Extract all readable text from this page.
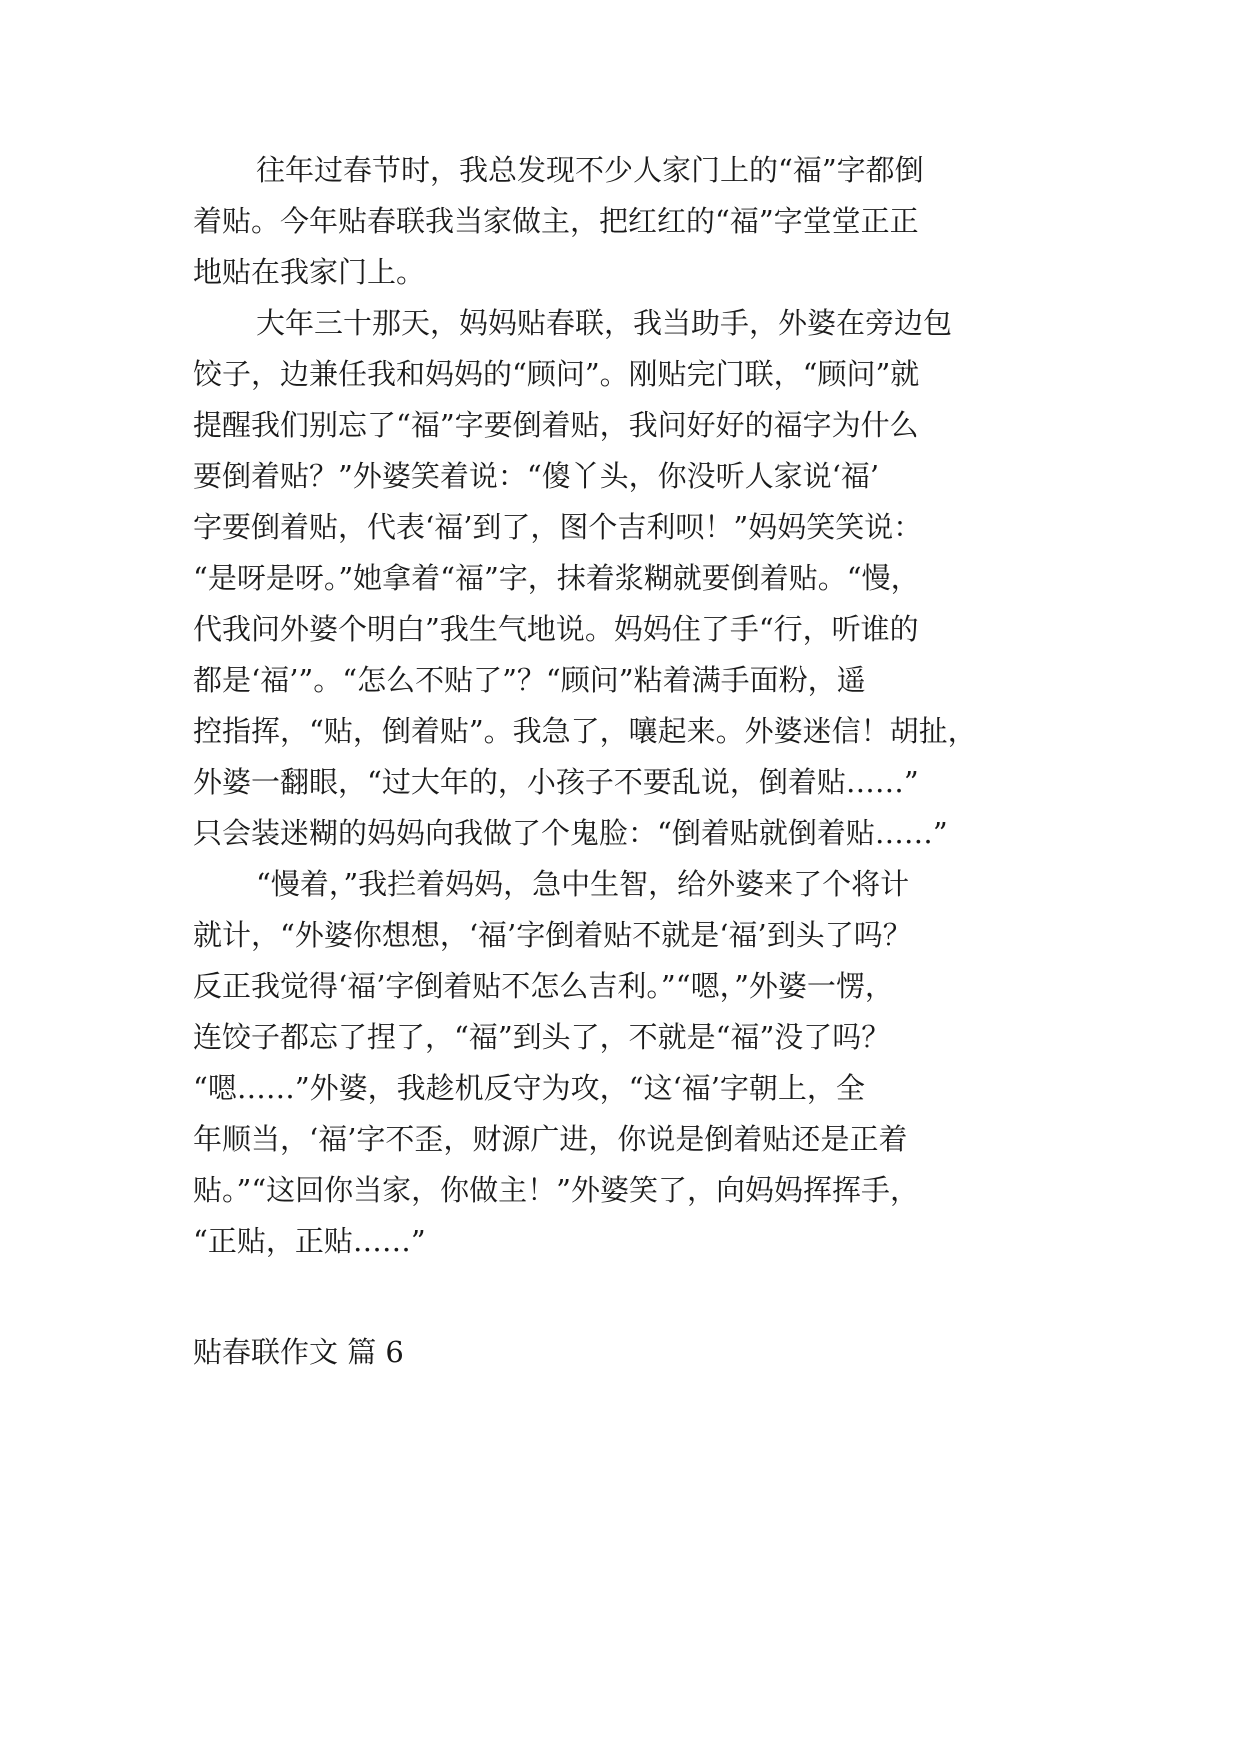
往年过春节时，我总发现不少人家门上的“福”字都倒
着贴。今年贴春联我当家做主，把红红的“福”字堂堂正正
地贴在我家门上。
大年三十那天，妈妈贴春联，我当助手，外婆在旁边包
饺子，边兼任我和妈妈的“顾问”。刚贴完门联，“顾问”就
提醒我们别忘了“福”字要倒着贴，我问好好的福字为什么
要倒着贴？”外婆笑着说：“傻丫头，你没听人家说‘福’
字要倒着贴，代表‘福’到了，图个吉利呗！”妈妈笑笑说：
“是呀是呀。”她拿着“福”字，抹着浆糊就要倒着贴。“慢，
代我问外婆个明白”我生气地说。妈妈住了手“行，听谁的
都是‘福’”。“怎么不贴了”？“顾问”粘着满手面粉，遥
控指挥，“贴，倒着贴”。我急了，嚷起来。外婆迷信！胡扯，
外婆一翻眼，“过大年的，小孩子不要乱说，倒着贴……”
只会装迷糊的妈妈向我做了个鬼脸：“倒着贴就倒着贴……”
“慢着，”我拦着妈妈，急中生智，给外婆来了个将计
就计，“外婆你想想，‘福’字倒着贴不就是‘福’到头了吗？
反正我觉得‘福’字倒着贴不怎么吉利。”“嗯，”外婆一愣，
连饺子都忘了捏了，“福”到头了，不就是“福”没了吗？
“嗯……”外婆，我趁机反守为攻，“这‘福’字朝上，全
年顺当，‘福’字不歪，财源广进，你说是倒着贴还是正着
贴。”“这回你当家，你做主！”外婆笑了，向妈妈挥挥手，
“正贴，正贴……”
贴春联作文 篇 6
